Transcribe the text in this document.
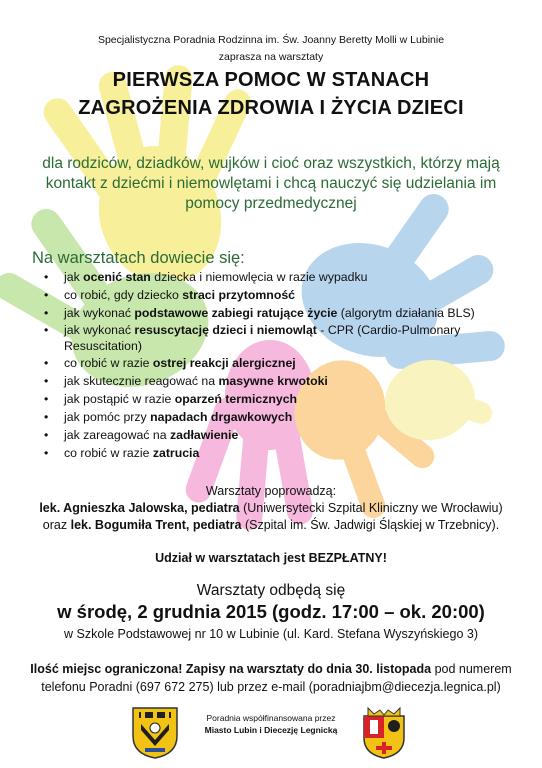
Specjalistyczna Poradnia Rodzinna im. Św. Joanny Beretty Molli w Lubinie
zaprasza na warsztaty
PIERWSZA POMOC W STANACH
ZAGROŻENIA ZDROWIA I ŻYCIA DZIECI
dla rodziców, dziadków, wujków i cioć oraz wszystkich, którzy mają kontakt z dziećmi i niemowlętami i chcą nauczyć się udzielania im pomocy przedmedycznej
Na warsztatach dowiecie się:
• jak ocenić stan dziecka i niemowlęcia w razie wypadku
• co robić, gdy dziecko straci przytomność
• jak wykonać podstawowe zabiegi ratujące życie (algorytm działania BLS)
• jak wykonać resuscytację dzieci i niemowląt - CPR (Cardio-Pulmonary Resuscitation)
• co robić w razie ostrej reakcji alergicznej
• jak skutecznie reagować na masywne krwotoki
• jak postąpić w razie oparzeń termicznych
• jak pomóc przy napadach drgawkowych
• jak zareagować na zadławienie
• co robić w razie zatrucia
Warsztaty poprowadzą:
lek. Agnieszka Jalowska, pediatra (Uniwersytecki Szpital Kliniczny we Wrocławiu)
oraz lek. Bogumiła Trent, pediatra (Szpital im. Św. Jadwigi Śląskiej w Trzebnicy).
Udział w warsztatach jest BEZPŁATNY!
Warsztaty odbędą się
w środę, 2 grudnia 2015 (godz. 17:00 – ok. 20:00)
w Szkole Podstawowej nr 10 w Lubinie (ul. Kard. Stefana Wyszyńskiego 3)
Ilość miejsc ograniczona! Zapisy na warsztaty do dnia 30. listopada pod numerem
telefonu Poradni (697 672 275) lub przez e-mail (poradniajbm@diecezja.legnica.pl)
Poradnia współfinansowana przez
Miasto Lubin i Diecezję Legnicką
